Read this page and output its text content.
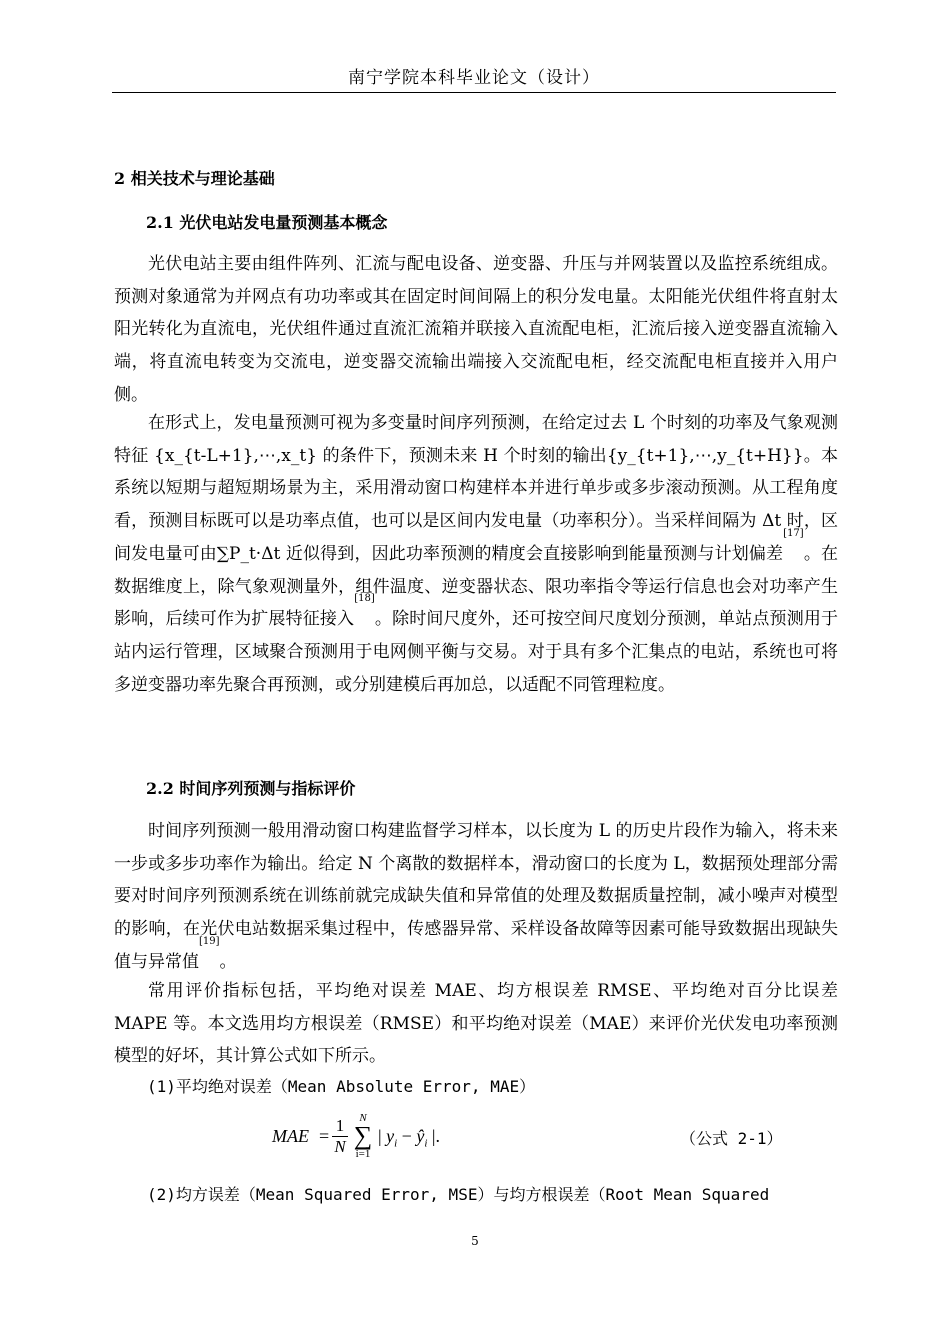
南宁学院本科毕业论文（设计）
2 相关技术与理论基础
2.1 光伏电站发电量预测基本概念

光伏电站主要由组件阵列、汇流与配电设备、逆变器、升压与并网装置以及监控系统组成。预测对象通常为并网点有功功率或其在固定时间间隔上的积分发电量。太阳能光伏组件将直射太阳光转化为直流电，光伏组件通过直流汇流箱并联接入直流配电柜，汇流后接入逆变器直流输入端，将直流电转变为交流电，逆变器交流输出端接入交流配电柜，经交流配电柜直接并入用户侧。

在形式上，发电量预测可视为多变量时间序列预测，在给定过去 L 个时刻的功率及气象观测特征 {x_{t-L+1},⋯,x_t} 的条件下，预测未来 H 个时刻的输出{y_{t+1},⋯,y_{t+H}}。本系统以短期与超短期场景为主，采用滑动窗口构建样本并进行单步或多步滚动预测。从工程角度看，预测目标既可以是功率点值，也可以是区间内发电量（功率积分）。当采样间隔为 Δt 时，区间发电量可由∑P_t·Δt 近似得到，因此功率预测的精度会直接影响到能量预测与计划偏差[17]。在数据维度上，除气象观测量外，组件温度、逆变器状态、限功率指令等运行信息也会对功率产生影响，后续可作为扩展特征接入[18]。除时间尺度外，还可按空间尺度划分预测，单站点预测用于站内运行管理，区域聚合预测用于电网侧平衡与交易。对于具有多个汇集点的电站，系统也可将多逆变器功率先聚合再预测，或分别建模后再加总，以适配不同管理粒度。

2.2 时间序列预测与指标评价

时间序列预测一般用滑动窗口构建监督学习样本，以长度为 L 的历史片段作为输入，将未来一步或多步功率作为输出。给定 N 个离散的数据样本，滑动窗口的长度为 L，数据预处理部分需要对时间序列预测系统在训练前就完成缺失值和异常值的处理及数据质量控制，减小噪声对模型的影响，在光伏电站数据采集过程中，传感器异常、采样设备故障等因素可能导致数据出现缺失值与异常值[19]。

常用评价指标包括，平均绝对误差 MAE、均方根误差 RMSE、平均绝对百分比误差 MAPE 等。本文选用均方根误差（RMSE）和平均绝对误差（MAE）来评价光伏发电功率预测模型的好坏，其计算公式如下所示。

(1)平均绝对误差（Mean Absolute Error, MAE）
MAE =
1
N
N
∑
i=1
| $y_i$ − $ŷ_i$ |.	（公式 2-1）
(2)均方误差（Mean Squared Error, MSE）与均方根误差（Root Mean Squared
5
